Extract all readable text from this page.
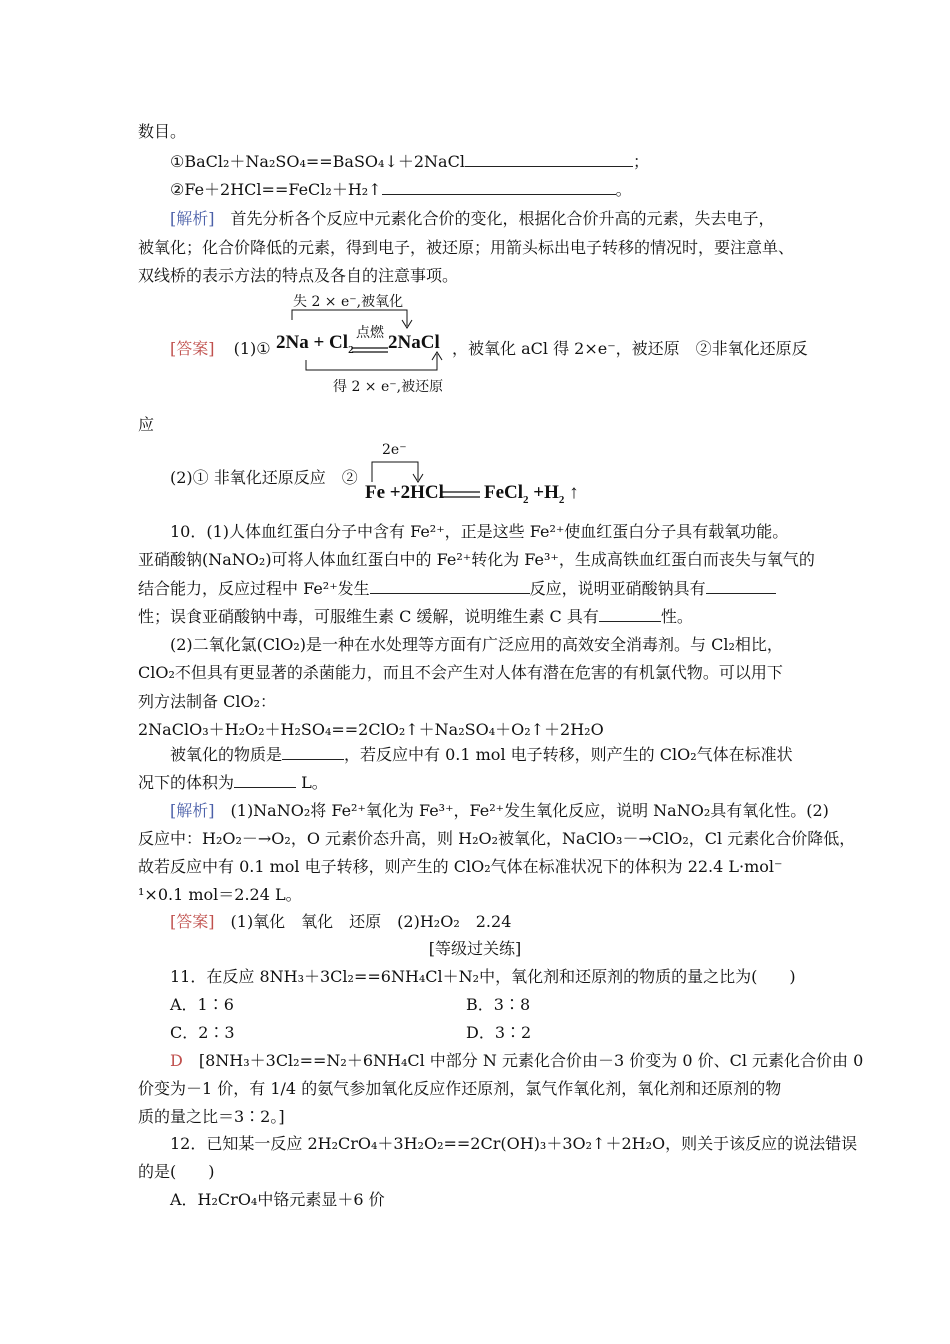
数目。
①BaCl₂＋Na₂SO₄==BaSO₄↓＋2NaCl	；
②Fe＋2HCl==FeCl₂＋H₂↑	。
[解析]　 首先分析各个反应中元素化合价的变化，根据化合价升高的元素，失去电子，
被氧化；化合价降低的元素，得到电子，被还原；用箭头标出电子转移的情况时，要注意单、
双线桥的表示方法的特点及各自的注意事项。
[答案] (1)①
失 2 × e⁻,被氧化
点燃
$2Na + Cl_2$ 2NaCl
得 2 × e⁻,被还原
，被氧化 aCl 得 2×e⁻，被还原　②非氧化还原反
应
(2)① 非氧化还原反应　②
2e⁻
Fe +2HCl FeCl$_2$ $+H_2$ ↑
10．(1)人体血红蛋白分子中含有 Fe²⁺，正是这些 Fe²⁺使血红蛋白分子具有载氧功能。
亚硝酸钠(NaNO₂)可将人体血红蛋白中的 Fe²⁺转化为 Fe³⁺，生成高铁血红蛋白而丧失与氧气的
结合能力，反应过程中 Fe²⁺发生	反应，说明亚硝酸钠具有
性；误食亚硝酸钠中毒，可服维生素 C 缓解，说明维生素 C 具有	性。
(2)二氧化氯(ClO₂)是一种在水处理等方面有广泛应用的高效安全消毒剂。与 Cl₂相比，
ClO₂不但具有更显著的杀菌能力，而且不会产生对人体有潜在危害的有机氯代物。可以用下
列方法制备 ClO₂：
2NaClO₃＋H₂O₂＋H₂SO₄==2ClO₂↑＋Na₂SO₄＋O₂↑＋2H₂O
被氧化的物质是	，若反应中有 0.1 mol 电子转移，则产生的 ClO₂气体在标准状
况下的体积为	L。
[解析]　 (1)NaNO₂将 Fe²⁺氧化为 Fe³⁺，Fe²⁺发生氧化反应，说明 NaNO₂具有氧化性。(2)
反应中：H₂O₂－→O₂，O 元素价态升高，则 H₂O₂被氧化，NaClO₃－→ClO₂，Cl 元素化合价降低，
故若反应中有 0.1 mol 电子转移，则产生的 ClO₂气体在标准状况下的体积为 22.4 L·mol⁻
¹×0.1 mol＝2.24 L。
[答案]　 (1)氧化　氧化　还原　(2)H₂O₂　2.24
[等级过关练]
11．在反应 8NH₃＋3Cl₂==6NH₄Cl＋N₂中，氧化剂和还原剂的物质的量之比为(　　)
A．1∶6	B．3∶8
C．2∶3	D．3∶2
D　 [8NH₃＋3Cl₂==N₂＋6NH₄Cl 中部分 N 元素化合价由－3 价变为 0 价、Cl 元素化合价由 0
价变为－1 价，有 1/4 的氨气参加氧化反应作还原剂，氯气作氧化剂，氧化剂和还原剂的物
质的量之比＝3∶2。]
12．已知某一反应 2H₂CrO₄＋3H₂O₂==2Cr(OH)₃＋3O₂↑＋2H₂O，则关于该反应的说法错误
的是(　　)
A．H₂CrO₄中铬元素显＋6 价
